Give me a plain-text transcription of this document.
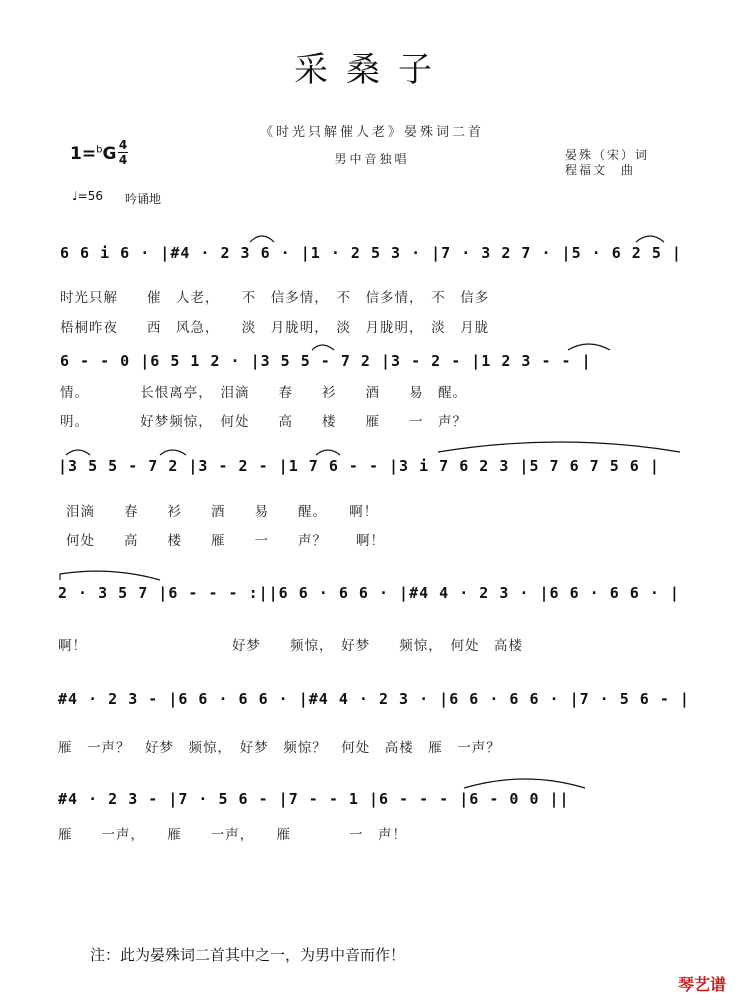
采桑子
《时光只解催人老》晏殊词二首
男中音独唱
1=$^b$G 4
4	晏殊（宋）词
程福文　曲
♩=56 吟诵地
6 6 i 6 · |#4 · 2 3 6 · |1 · 2 5 3 · |7 · 3 2 7 · |5 · 6 2 5 |
时光只解　　催　人老，　　不　信多情，　不　信多情，　不　信多
梧桐昨夜　　西　风急，　　淡　月胧明，　淡　月胧明，　淡　月胧
6 - - 0 |6 5 1 2 · |3 5 5 - 7 2 |3 - 2 - |1 2 3 - - |
情。　　　　长恨离亭，　泪滴　　春　　衫　　酒　　易　醒。
明。　　　　好梦频惊，　何处　　高　　楼　　雁　　一　声？
|3 5 5 - 7 2 |3 - 2 - |1 7 6 - - |3 i 7 6 2 3 |5 7 6 7 5 6 |
泪滴　　春　　衫　　酒　　易　　醒。　　啊！
何处　　高　　楼　　雁　　一　　声？　　啊！
2 · 3 5 7 |6 - - - :||6 6 · 6 6 · |#4 4 · 2 3 · |6 6 · 6 6 · |
啊！　　　　　　　　　　好梦　　频惊，　好梦　　频惊，　何处　高楼
#4 · 2 3 - |6 6 · 6 6 · |#4 4 · 2 3 · |6 6 · 6 6 · |7 · 5 6 - |
雁　一声？　好梦　频惊，　好梦　频惊？　何处　高楼　雁　一声？
#4 · 2 3 - |7 · 5 6 - |7 - - 1 |6 - - - |6 - 0 0 ||
雁　　一声，　　雁　　一声，　　雁　　　　一　声！
注：此为晏殊词二首其中之一，为男中音而作！
琴艺谱
